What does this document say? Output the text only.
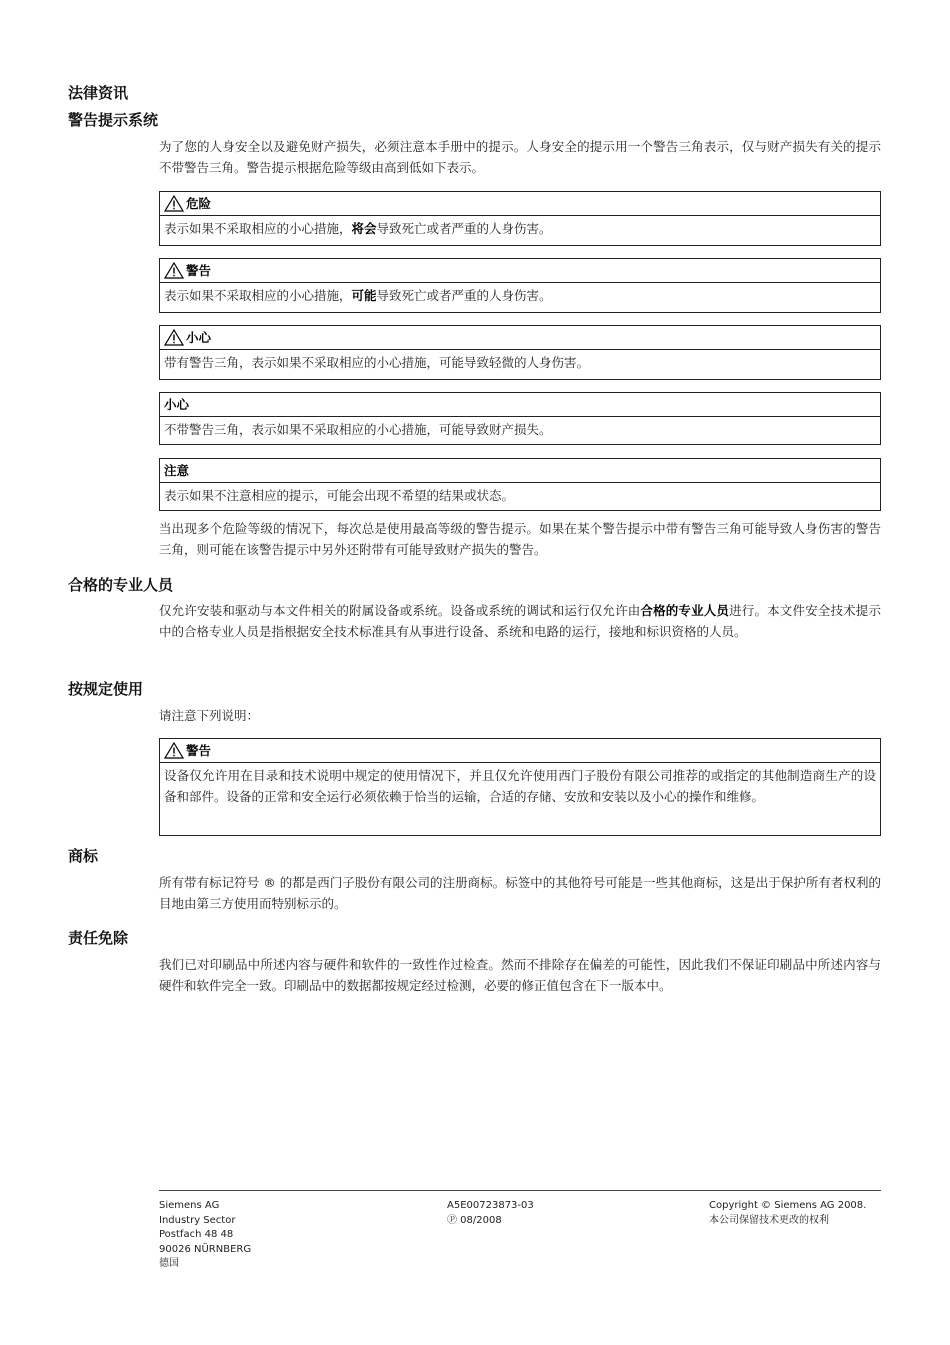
法律资讯
警告提示系统
为了您的人身安全以及避免财产损失，必须注意本手册中的提示。人身安全的提示用一个警告三角表示，仅与财产损失有关的提示不带警告三角。警告提示根据危险等级由高到低如下表示。
危险
表示如果不采取相应的小心措施，将会导致死亡或者严重的人身伤害。
警告
表示如果不采取相应的小心措施，可能导致死亡或者严重的人身伤害。
小心
带有警告三角，表示如果不采取相应的小心措施，可能导致轻微的人身伤害。
小心
不带警告三角，表示如果不采取相应的小心措施，可能导致财产损失。
注意
表示如果不注意相应的提示，可能会出现不希望的结果或状态。
当出现多个危险等级的情况下，每次总是使用最高等级的警告提示。如果在某个警告提示中带有警告三角可能导致人身伤害的警告三角，则可能在该警告提示中另外还附带有可能导致财产损失的警告。
合格的专业人员
仅允许安装和驱动与本文件相关的附属设备或系统。设备或系统的调试和运行仅允许由合格的专业人员进行。本文件安全技术提示中的合格专业人员是指根据安全技术标准具有从事进行设备、系统和电路的运行，接地和标识资格的人员。
按规定使用
请注意下列说明：
警告
设备仅允许用在目录和技术说明中规定的使用情况下，并且仅允许使用西门子股份有限公司推荐的或指定的其他制造商生产的设备和部件。设备的正常和安全运行必须依赖于恰当的运输，合适的存储、安放和安装以及小心的操作和维修。
商标
所有带有标记符号 ® 的都是西门子股份有限公司的注册商标。标签中的其他符号可能是一些其他商标，这是出于保护所有者权利的 目地由第三方使用而特别标示的。
责任免除
我们已对印刷品中所述内容与硬件和软件的一致性作过检查。然而不排除存在偏差的可能性，因此我们不保证印刷品中所述内容与硬件和软件完全一致。印刷品中的数据都按规定经过检测，必要的修正值包含在下一版本中。
Siemens AG
Industry Sector
Postfach 48 48
90026 NÜRNBERG
德国
A5E00723873-03
Ⓟ 08/2008
Copyright © Siemens AG 2008.
本公司保留技术更改的权利
